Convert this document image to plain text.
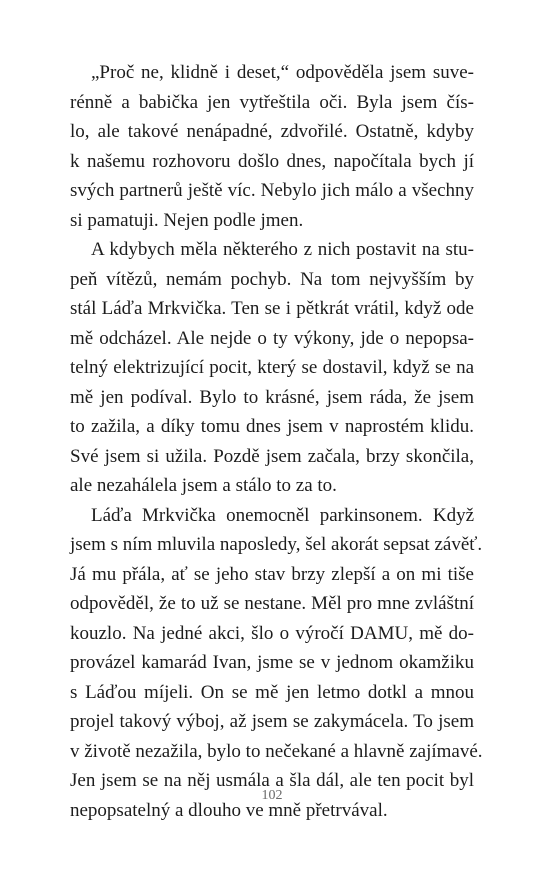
„Proč ne, klidně i deset,“ odpověděla jsem suve-
rénně a babička jen vytřeštila oči. Byla jsem čís-
lo, ale takové nenápadné, zdvořilé. Ostatně, kdyby
k našemu rozhovoru došlo dnes, napočítala bych jí
svých partnerů ještě víc. Nebylo jich málo a všechny
si pamatuji. Nejen podle jmen.
A kdybych měla některého z nich postavit na stu-
peň vítězů, nemám pochyb. Na tom nejvyšším by
stál Láďa Mrkvička. Ten se i pětkrát vrátil, když ode
mě odcházel. Ale nejde o ty výkony, jde o nepopsa-
telný elektrizující pocit, který se dostavil, když se na
mě jen podíval. Bylo to krásné, jsem ráda, že jsem
to zažila, a díky tomu dnes jsem v naprostém klidu.
Své jsem si užila. Pozdě jsem začala, brzy skončila,
ale nezahálela jsem a stálo to za to.
Láďa Mrkvička onemocněl parkinsonem. Když
jsem s ním mluvila naposledy, šel akorát sepsat závěť.
Já mu přála, ať se jeho stav brzy zlepší a on mi tiše
odpověděl, že to už se nestane. Měl pro mne zvláštní
kouzlo. Na jedné akci, šlo o výročí DAMU, mě do-
provázel kamarád Ivan, jsme se v jednom okamžiku
s Láďou míjeli. On se mě jen letmo dotkl a mnou
projel takový výboj, až jsem se zakymácela. To jsem
v životě nezažila, bylo to nečekané a hlavně zajímavé.
Jen jsem se na něj usmála a šla dál, ale ten pocit byl
nepopsatelný a dlouho ve mně přetrvával.
102
